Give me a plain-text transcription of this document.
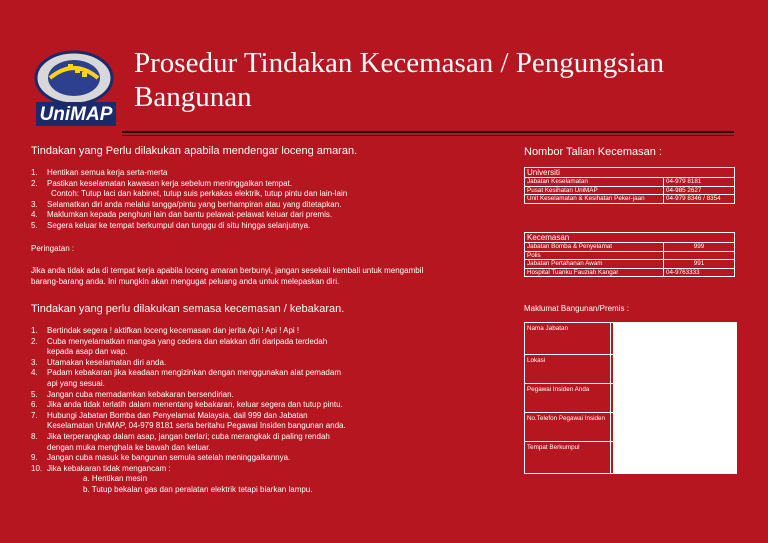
UniMAP
Prosedur Tindakan Kecemasan / Pengungsian Bangunan
Tindakan yang Perlu dilakukan apabila mendengar loceng amaran.
1. Hentikan semua kerja serta-merta
2. Pastikan keselamatan kawasan kerja sebelum meninggalkan tempat.
Contoh: Tutup laci dan kabinet, tutup suis perkakas elektrik, tutup pintu dan lain-lain
3. Selamatkan diri anda melalui tangga/pintu yang berhampiran atau yang ditetapkan.
4. Maklumkan kepada penghuni lain dan bantu pelawat-pelawat keluar dari premis.
5. Segera keluar ke tempat berkumpul dan tunggu di situ hingga selanjutnya.
Peringatan :
Jika anda tidak ada di tempat kerja apabila loceng amaran berbunyi, jangan sesekali kembali untuk mengambil barang-barang anda. Ini mungkin akan mengugat peluang anda untuk melepaskan diri.
Tindakan yang perlu dilakukan semasa kecemasan / kebakaran.
1. Bertindak segera ! aktifkan loceng kecemasan dan jerita Api ! Api ! Api !
2. Cuba menyelamatkan mangsa yang cedera dan elakkan diri daripada terdedah
kepada asap dan wap.
3. Utamakan keselamatan diri anda.
4. Padam kebakaran jika keadaan mengizinkan dengan menggunakan alat pemadam
api yang sesuai.
5. Jangan cuba memadamkan kebakaran bersendirian.
6. Jika anda tidak terlatih dalam menentang kebakaran, keluar segera dan tutup pintu.
7. Hubungi Jabatan Bomba dan Penyelamat Malaysia, dail 999 dan Jabatan
Keselamatan UniMAP, 04-979 8181 serta beritahu Pegawai Insiden bangunan anda.
8. Jika terperangkap dalam asap, jangan berlari; cuba merangkak di paling rendah
dengan muka menghala ke bawah dan keluar.
9. Jangan cuba masuk ke bangunan semula setelah meninggalkannya.
10. Jika kebakaran tidak mengancam :
a. Hentikan mesin
b. Tutup bekalan gas dan peralatan elektrik tetapi biarkan lampu.
Nombor Talian Kecemasan :
Universiti	
Jabatan Keselamatan	04-979 8181
Pusat Kesihatan UniMAP	04-985 2627
Unit Keselamatan & Kesihatan Peker-jaan	04-979 8346 / 8354
Kecemasan	
Jabatan Bomba & Penyelamat	999
Polis	
Jabatan Pertahanan Awam	991
Hospital Tuanku Fauziah Kangar	04-9763333
Maklumat Bangunan/Premis :
Nama Jabatan
Lokasi
Pegawai Insiden Anda
No.Telefon Pegawai Insiden
Tempat Berkumpul
